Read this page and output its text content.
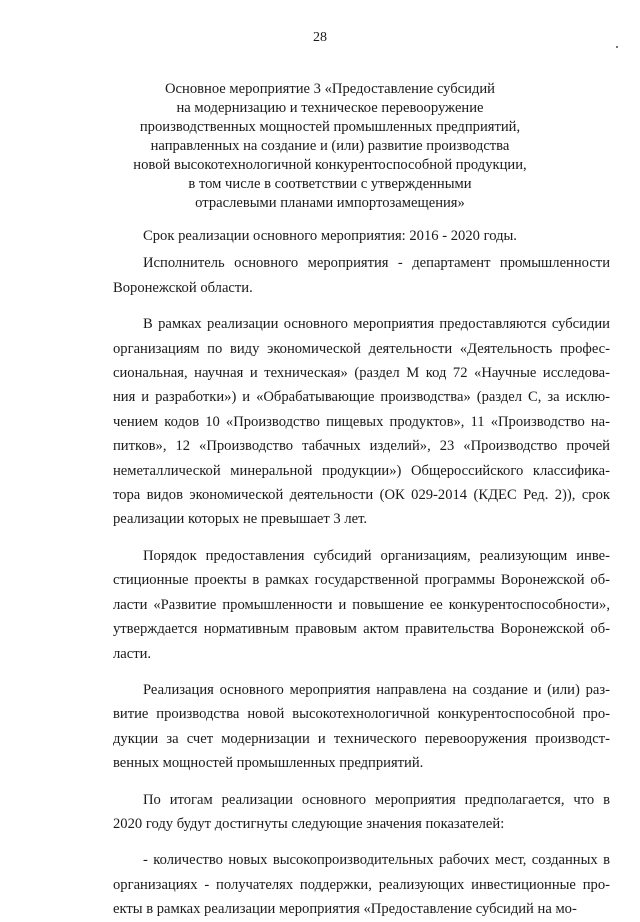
28
Основное мероприятие 3 «Предоставление субсидий
на модернизацию и техническое перевооружение
производственных мощностей промышленных предприятий,
направленных на создание и (или) развитие производства
новой высокотехнологичной конкурентоспособной продукции,
в том числе в соответствии с утвержденными
отраслевыми планами импортозамещения»
Срок реализации основного мероприятия: 2016 - 2020 годы.
Исполнитель основного мероприятия - департамент промышленности
Воронежской области.
В рамках реализации основного мероприятия предоставляются субсидии
организациям по виду экономической деятельности «Деятельность профес-
сиональная, научная и техническая» (раздел M код 72 «Научные исследова-
ния и разработки») и «Обрабатывающие производства» (раздел C, за исклю-
чением кодов 10 «Производство пищевых продуктов», 11 «Производство на-
питков», 12 «Производство табачных изделий», 23 «Производство прочей
неметаллической минеральной продукции») Общероссийского классифика-
тора видов экономической деятельности (ОК 029-2014 (КДЕС Ред. 2)), срок
реализации которых не превышает 3 лет.
Порядок предоставления субсидий организациям, реализующим инве-
стиционные проекты в рамках государственной программы Воронежской об-
ласти «Развитие промышленности и повышение ее конкурентоспособности»,
утверждается нормативным правовым актом правительства Воронежской об-
ласти.
Реализация основного мероприятия направлена на создание и (или) раз-
витие производства новой высокотехнологичной конкурентоспособной про-
дукции за счет модернизации и технического перевооружения производст-
венных мощностей промышленных предприятий.
По итогам реализации основного мероприятия предполагается, что в
2020 году будут достигнуты следующие значения показателей:
- количество новых высокопроизводительных рабочих мест, созданных в
организациях - получателях поддержки, реализующих инвестиционные про-
екты в рамках реализации мероприятия «Предоставление субсидий на мо-
